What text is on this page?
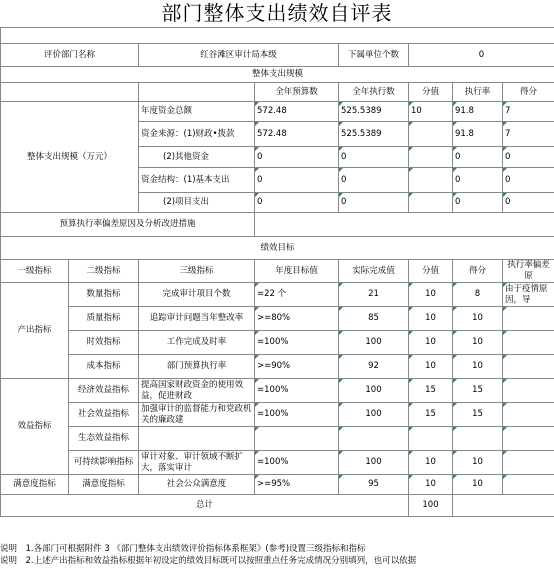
部门整体支出绩效自评表

评价部门名称		红谷滩区审计局本级		下属单位个数	0		
整体支出规模							
			全年预算数	全年执行数	分值	执行率	得分
整体支出规模（万元）		年度资金总额	572.48	525.5389	10	91.8	7
		资金来源：(1)财政•拨款	572.48	525.5389		91.8	7
		(2)其他资金	0	0		0	0
		资金结构：(1)基本支出	0	0		0	0
		(2)项目支出	0	0		0	0
预算执行率偏差原因及分析改进措施							
绩效目标							
一级指标	二级指标	三级指标	年度目标值	实际完成值	分值	得分	执行率偏差原
产出指标	数量指标	完成审计项目个数	=22 个	21	10	8	由于疫情原因，导
	质量指标	追踪审计问题当年整改率	>=80%	85	10	10	
	时效指标	工作完成及时率	=100%	100	10	10	
	成本指标	部门预算执行率	>=90%	92	10	10	
效益指标	经济效益指标	提高国家财政资金的使用效益，促进财政	=100%	100	15	15	
	社会效益指标	加强审计的监督能力和党政机关的廉政建	=100%	100	15	15	
	生态效益指标						
	可持续影响指标	审计对象、审计领域不断扩大，落实审计	=100%	100	10	10	
满意度指标	满意度指标	社会公众满意度	>=95%	95	10	10	
总计					100		
说明　1.各部门可根据附件 3 《部门整体支出绩效评价指标体系框架》(参考)设置三级指标和指标
说明　2.上述产出指标和效益指标根据年初设定的绩效目标既可以按照重点任务完成情况分别填列，也可以依据
